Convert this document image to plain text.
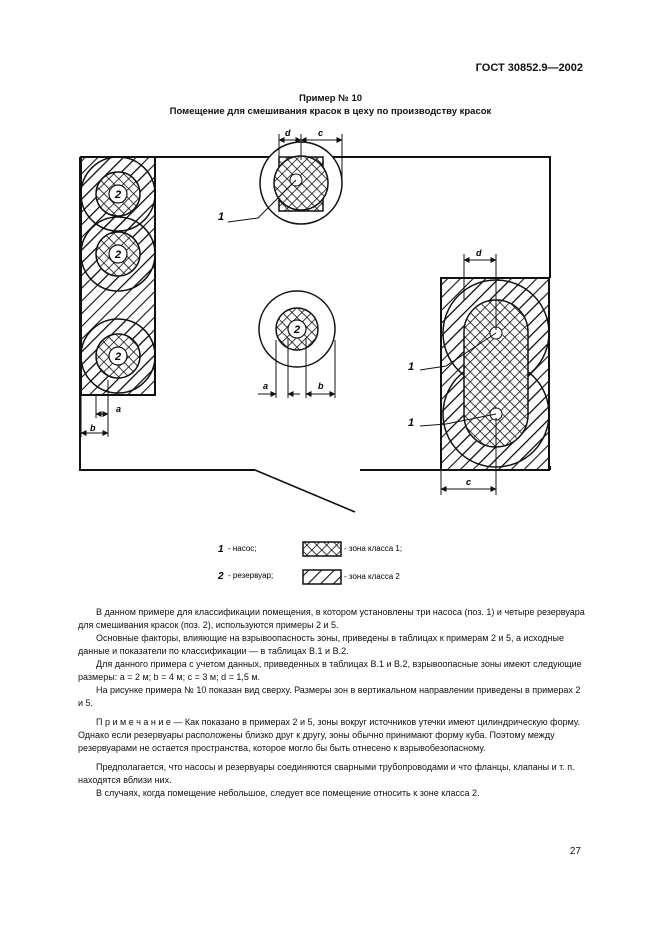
ГОСТ 30852.9—2002
Пример № 10
Помещение для смешивания красок в цеху по производству красок
2
2
2
a
b
d	c
1
2
a	b
d
c
1
1
1 - насос;	- зона класса 1;
2 - резервуар;	- зона класса 2

В данном примере для классификации помещения, в котором установлены три насоса (поз. 1) и четыре резервуара для смешивания красок (поз. 2), используются примеры 2 и 5.

Основные факторы, влияющие на взрывоопасность зоны, приведены в таблицах к примерам 2 и 5, а исходные данные и показатели по классификации — в таблицах В.1 и В.2.

Для данного примера с учетом данных, приведенных в таблицах В.1 и В.2, взрывоопасные зоны имеют следующие размеры: a = 2 м; b = 4 м; c = 3 м; d = 1,5 м.

На рисунке примера № 10 показан вид сверху. Размеры зон в вертикальном направлении приведены в примерах 2 и 5.

П р и м е ч а н и е — Как показано в примерах 2 и 5, зоны вокруг источников утечки имеют цилиндрическую форму. Однако если резервуары расположены близко друг к другу, зоны обычно принимают форму куба. Поэтому между резервуарами не остается пространства, которое могло бы быть отнесено к взрывобезопасному.

Предполагается, что насосы и резервуары соединяются сварными трубопроводами и что фланцы, клапаны и т. п. находятся вблизи них.

В случаях, когда помещение небольшое, следует все помещение относить к зоне класса 2.

27
